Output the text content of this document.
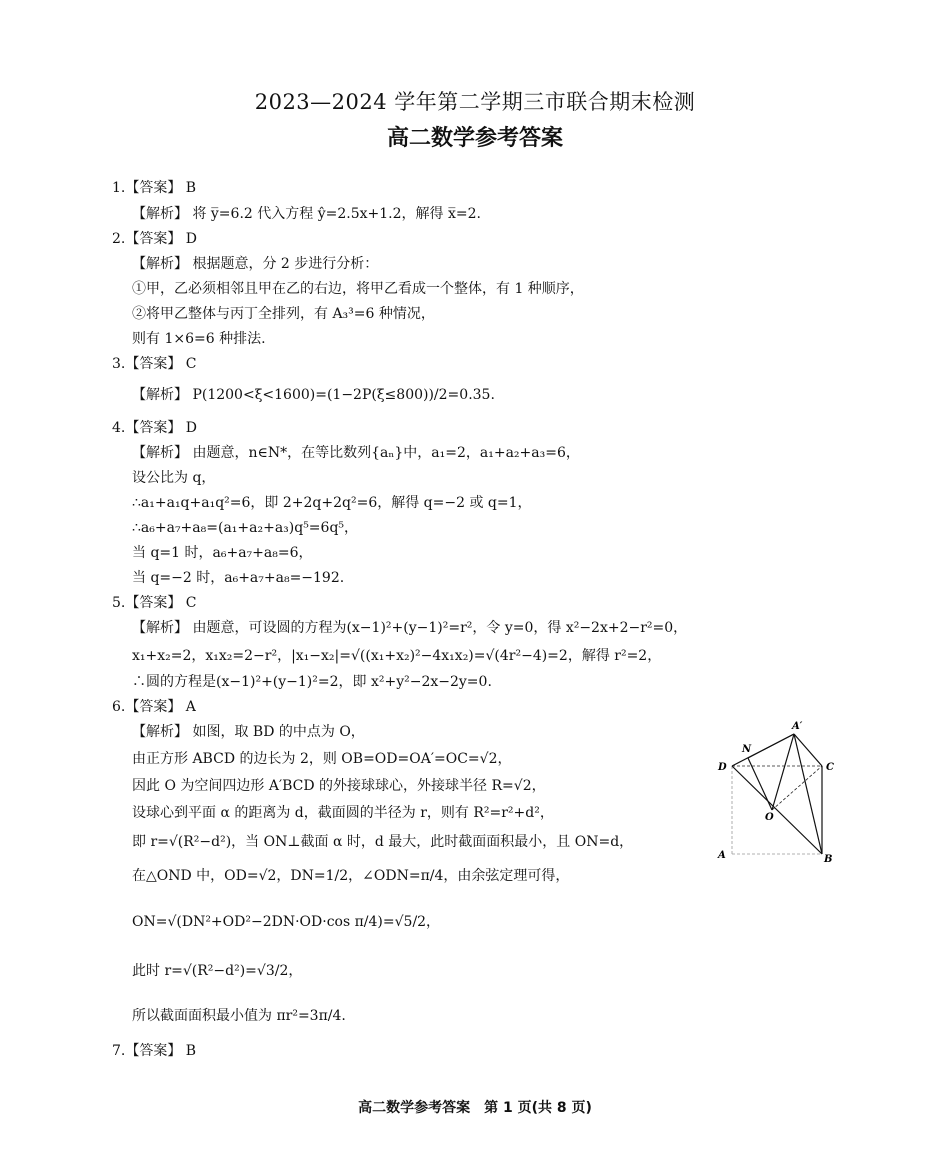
2023—2024 学年第二学期三市联合期末检测
高二数学参考答案
1.【答案】 B
【解析】 将 y̅=6.2 代入方程 ŷ=2.5x+1.2，解得 x̅=2.
2.【答案】 D
【解析】 根据题意，分 2 步进行分析：
①甲，乙必须相邻且甲在乙的右边，将甲乙看成一个整体，有 1 种顺序，
②将甲乙整体与丙丁全排列，有 A₃³=6 种情况，
则有 1×6=6 种排法.
3.【答案】 C
【解析】 P(1200<ξ<1600)=(1−2P(ξ≤800))/2=0.35.
4.【答案】 D
【解析】 由题意，n∈N*，在等比数列{aₙ}中，a₁=2，a₁+a₂+a₃=6，
设公比为 q，
∴a₁+a₁q+a₁q²=6，即 2+2q+2q²=6，解得 q=−2 或 q=1，
∴a₆+a₇+a₈=(a₁+a₂+a₃)q⁵=6q⁵，
当 q=1 时，a₆+a₇+a₈=6，
当 q=−2 时，a₆+a₇+a₈=−192.
5.【答案】 C
【解析】 由题意，可设圆的方程为(x−1)²+(y−1)²=r²，令 y=0，得 x²−2x+2−r²=0，
x₁+x₂=2，x₁x₂=2−r²，|x₁−x₂|=√((x₁+x₂)²−4x₁x₂)=√(4r²−4)=2，解得 r²=2，
∴圆的方程是(x−1)²+(y−1)²=2，即 x²+y²−2x−2y=0.
6.【答案】 A
【解析】 如图，取 BD 的中点为 O，
由正方形 ABCD 的边长为 2，则 OB=OD=OA′=OC=√2，
因此 O 为空间四边形 A′BCD 的外接球球心，外接球半径 R=√2，
设球心到平面 α 的距离为 d，截面圆的半径为 r，则有 R²=r²+d²，
即 r=√(R²−d²)，当 ON⊥截面 α 时，d 最大，此时截面面积最小，且 ON=d，
在△OND 中，OD=√2，DN=1/2，∠ODN=π/4，由余弦定理可得，
ON=√(DN²+OD²−2DN·OD·cos π/4)=√5/2，
此时 r=√(R²−d²)=√3/2，
所以截面面积最小值为 πr²=3π/4.
7.【答案】 B
A′
N
D	C
O
A	B
高二数学参考答案　第 1 页(共 8 页)
